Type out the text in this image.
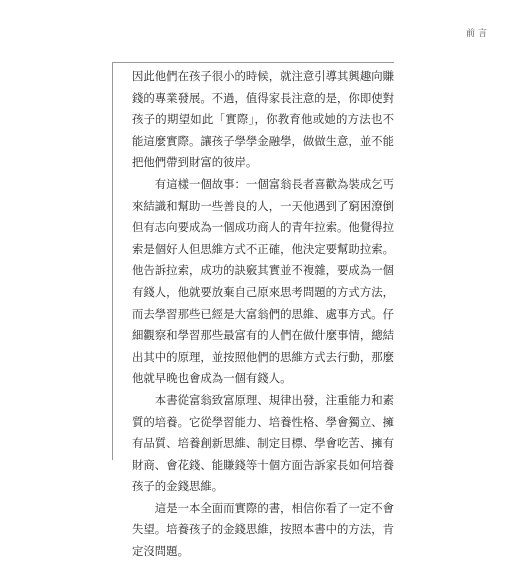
前言

因此他們在孩子很小的時候，就注意引導其興趣向賺錢的專業發展。不過，值得家長注意的是，你即使對孩子的期望如此「實際」，你教育他或她的方法也不能這麼實際。讓孩子學學金融學，做做生意，並不能把他們帶到財富的彼岸。

有這樣一個故事：一個富翁長者喜歡為裝成乞丐來結識和幫助一些善良的人，一天他遇到了窮困潦倒但有志向要成為一個成功商人的青年拉索。他覺得拉索是個好人但思維方式不正確，他決定要幫助拉索。他告訴拉索，成功的訣竅其實並不複雜，要成為一個有錢人，他就要放棄自己原來思考問題的方式方法，而去學習那些已經是大富翁們的思維、處事方式。仔細觀察和學習那些最富有的人們在做什麼事情，總結出其中的原理，並按照他們的思維方式去行動，那麼他就早晚也會成為一個有錢人。

本書從富翁致富原理、規律出發，注重能力和素質的培養。它從學習能力、培養性格、學會獨立、擁有品質、培養創新思維、制定目標、學會吃苦、擁有財商、會花錢、能賺錢等十個方面告訴家長如何培養孩子的金錢思維。

這是一本全面而實際的書，相信你看了一定不會失望。培養孩子的金錢思維，按照本書中的方法，肯定沒問題。
